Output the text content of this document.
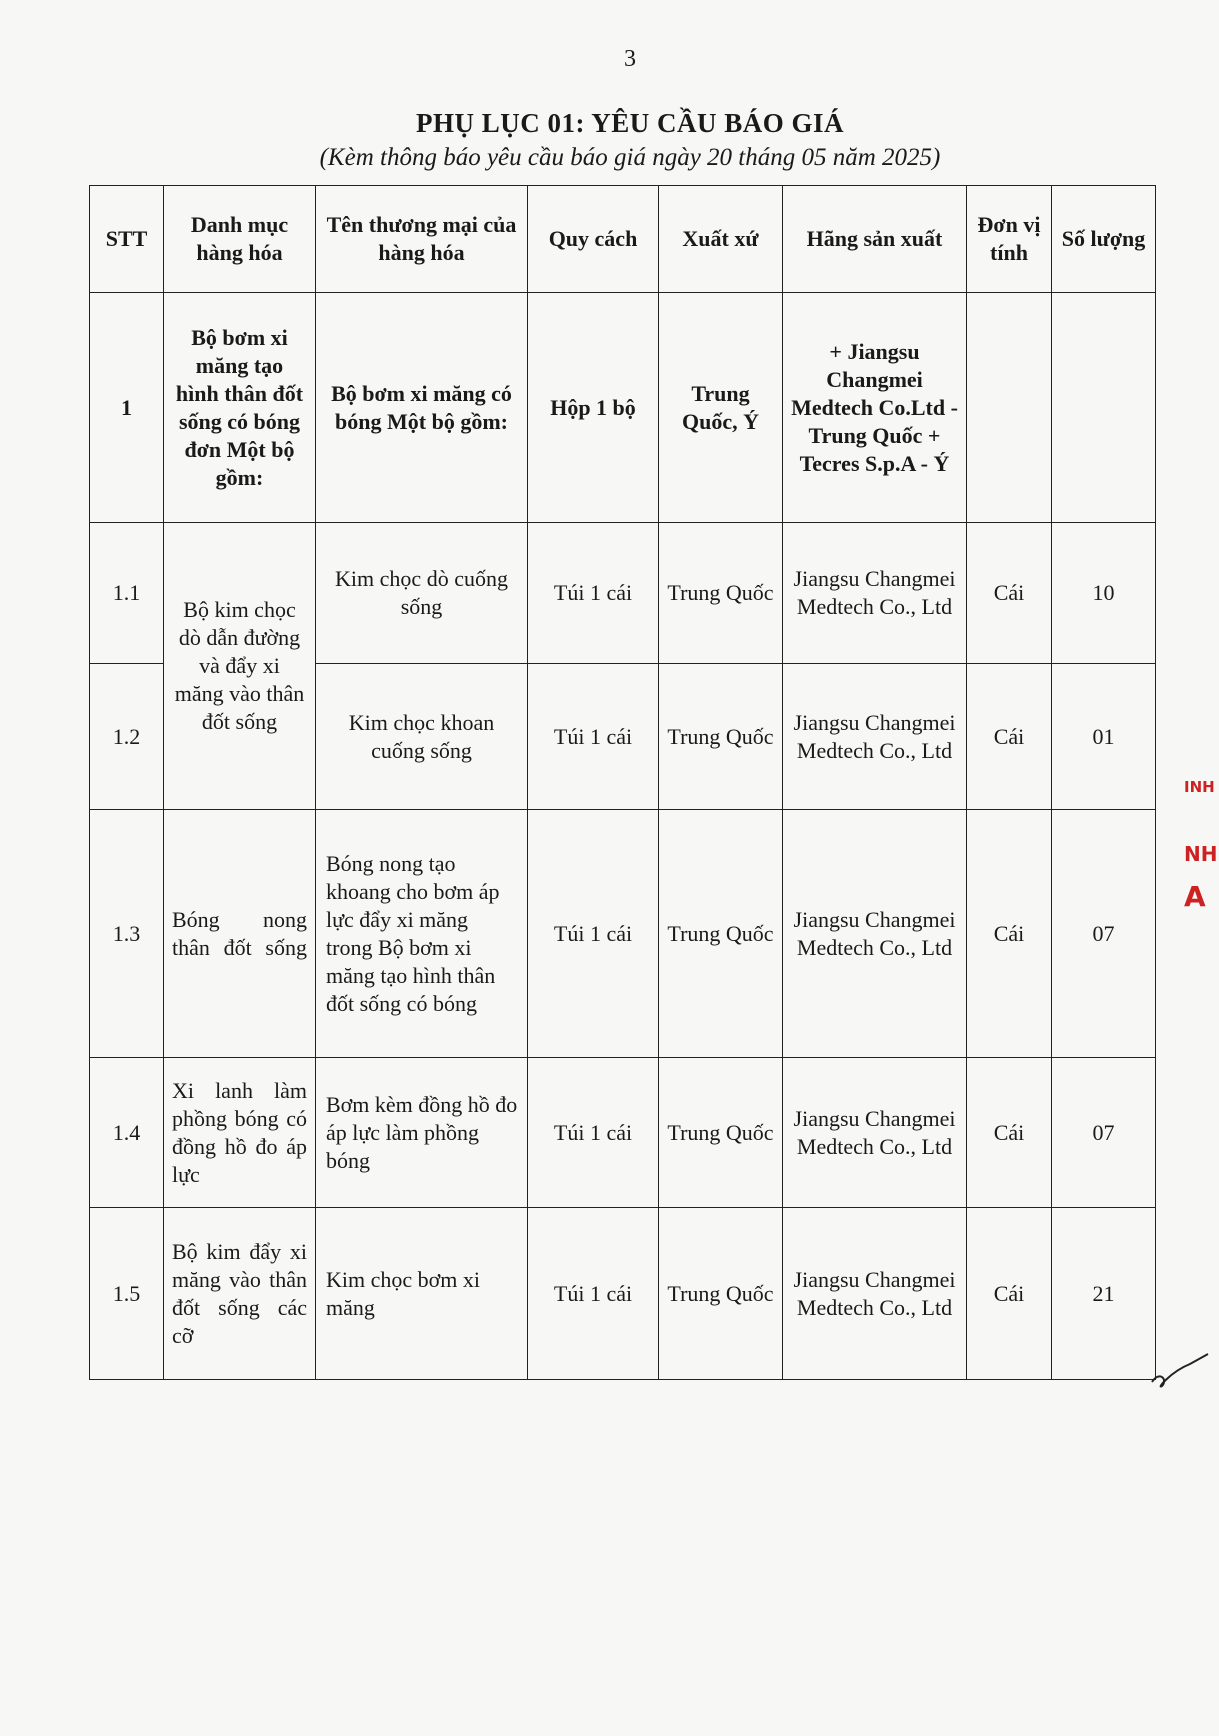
3
PHỤ LỤC 01: YÊU CẦU BÁO GIÁ
(Kèm thông báo yêu cầu báo giá ngày 20 tháng 05 năm 2025)
STT	Danh mục hàng hóa	Tên thương mại của hàng hóa	Quy cách	Xuất xứ	Hãng sản xuất	Đơn vị tính	Số lượng
1	Bộ bơm xi măng tạo hình thân đốt sống có bóng đơn Một bộ gồm:	Bộ bơm xi măng có bóng Một bộ gồm:	Hộp 1 bộ	Trung Quốc, Ý	+ Jiangsu Changmei Medtech Co.Ltd - Trung Quốc + Tecres S.p.A - Ý		
1.1	Bộ kim chọc dò dẫn đường và đẩy xi măng vào thân đốt sống	Kim chọc dò cuống sống	Túi 1 cái	Trung Quốc	Jiangsu Changmei Medtech Co., Ltd	Cái	10
1.2		Kim chọc khoan cuống sống	Túi 1 cái	Trung Quốc	Jiangsu Changmei Medtech Co., Ltd	Cái	01
1.3	Bóng nong thân đốt sống	Bóng nong tạo khoang cho bơm áp lực đẩy xi măng trong Bộ bơm xi măng tạo hình thân đốt sống có bóng	Túi 1 cái	Trung Quốc	Jiangsu Changmei Medtech Co., Ltd	Cái	07
1.4	Xi lanh làm phồng bóng có đồng hồ đo áp lực	Bơm kèm đồng hồ đo áp lực làm phồng bóng	Túi 1 cái	Trung Quốc	Jiangsu Changmei Medtech Co., Ltd	Cái	07
1.5	Bộ kim đẩy xi măng vào thân đốt sống các cỡ	Kim chọc bơm xi măng	Túi 1 cái	Trung Quốc	Jiangsu Changmei Medtech Co., Ltd	Cái	21
INH
NH
A
